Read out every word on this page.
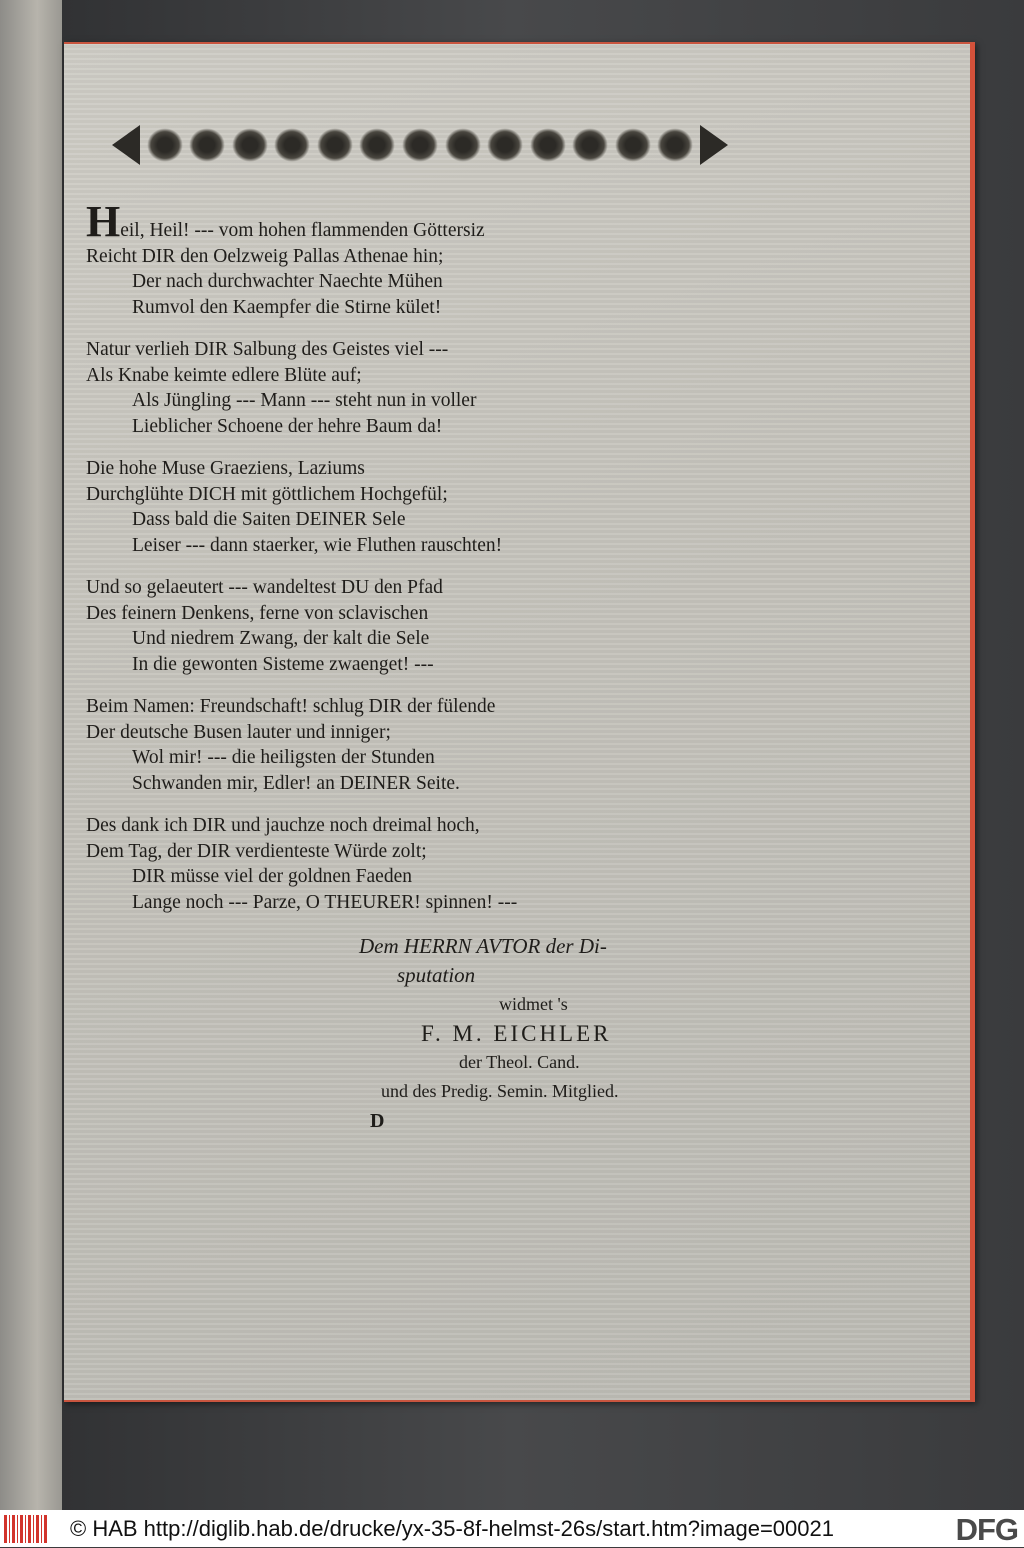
Heil, Heil! --- vom hohen flammenden Göttersiz
Reicht DIR den Oelzweig Pallas Athenae hin;
Der nach durchwachter Naechte Mühen
Rumvol den Kaempfer die Stirne kület!
Natur verlieh DIR Salbung des Geistes viel ---
Als Knabe keimte edlere Blüte auf;
Als Jüngling --- Mann --- steht nun in voller
Lieblicher Schoene der hehre Baum da!
Die hohe Muse Graeziens, Laziums
Durchglühte DICH mit göttlichem Hochgefül;
Dass bald die Saiten DEINER Sele
Leiser --- dann staerker, wie Fluthen rauschten!
Und so gelaeutert --- wandeltest DU den Pfad
Des feinern Denkens, ferne von sclavischen
Und niedrem Zwang, der kalt die Sele
In die gewonten Sisteme zwaenget! ---
Beim Namen: Freundschaft! schlug DIR der fülende
Der deutsche Busen lauter und inniger;
Wol mir! --- die heiligsten der Stunden
Schwanden mir, Edler! an DEINER Seite.
Des dank ich DIR und jauchze noch dreimal hoch,
Dem Tag, der DIR verdienteste Würde zolt;
DIR müsse viel der goldnen Faeden
Lange noch --- Parze, O THEURER! spinnen! ---
Dem HERRN AVTOR der Di-
sputation
widmet 's
F. M. EICHLER
der Theol. Cand.
und des Predig. Semin. Mitglied.
D
© HAB http://diglib.hab.de/drucke/yx-35-8f-helmst-26s/start.htm?image=00021	DFG
